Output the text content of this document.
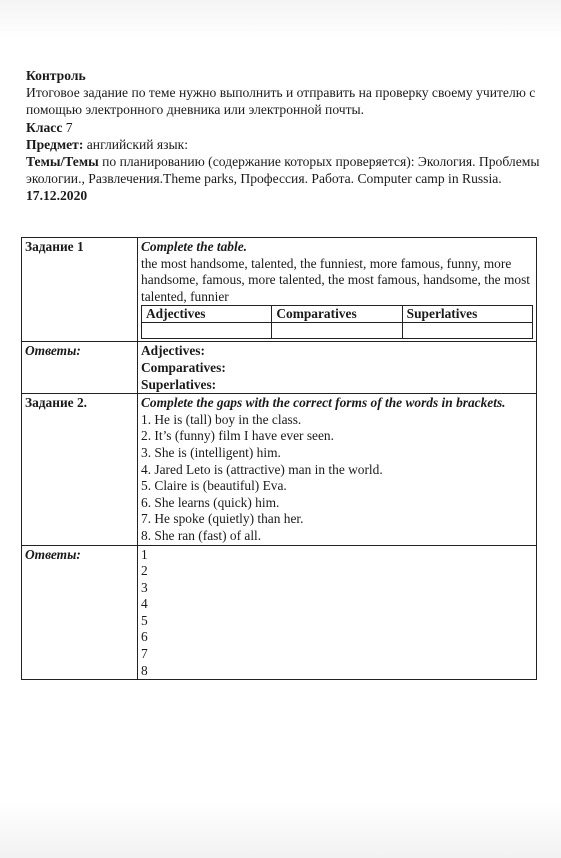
Контроль

Итоговое задание по теме нужно выполнить и отправить на проверку своему учителю с помощью электронного дневника или электронной почты.

Класс 7

Предмет: английский язык:

Темы/Темы по планированию (содержание которых проверяется): Экология. Проблемы экологии., Развлечения.Theme parks, Профессия. Работа. Computer camp in Russia.

17.12.2020

Задание 1	Complete the table.
the most handsome, talented, the funniest, more famous, funny, more handsome, famous, more talented, the most famous, handsome, the most talented, funnier
Adjectives	Comparatives	Superlatives

Ответы:	Adjectives:
Comparatives:
Superlatives:

Задание 2.	Complete the gaps with the correct forms of the words in brackets.
1. He is (tall) boy in the class.
2. It’s (funny) film I have ever seen.
3. She is (intelligent) him.
4. Jared Leto is (attractive) man in the world.
5. Claire is (beautiful) Eva.
6. She learns (quick) him.
7. He spoke (quietly) than her.
8. She ran (fast) of all.

Ответы:	1
2
3
4
5
6
7
8
